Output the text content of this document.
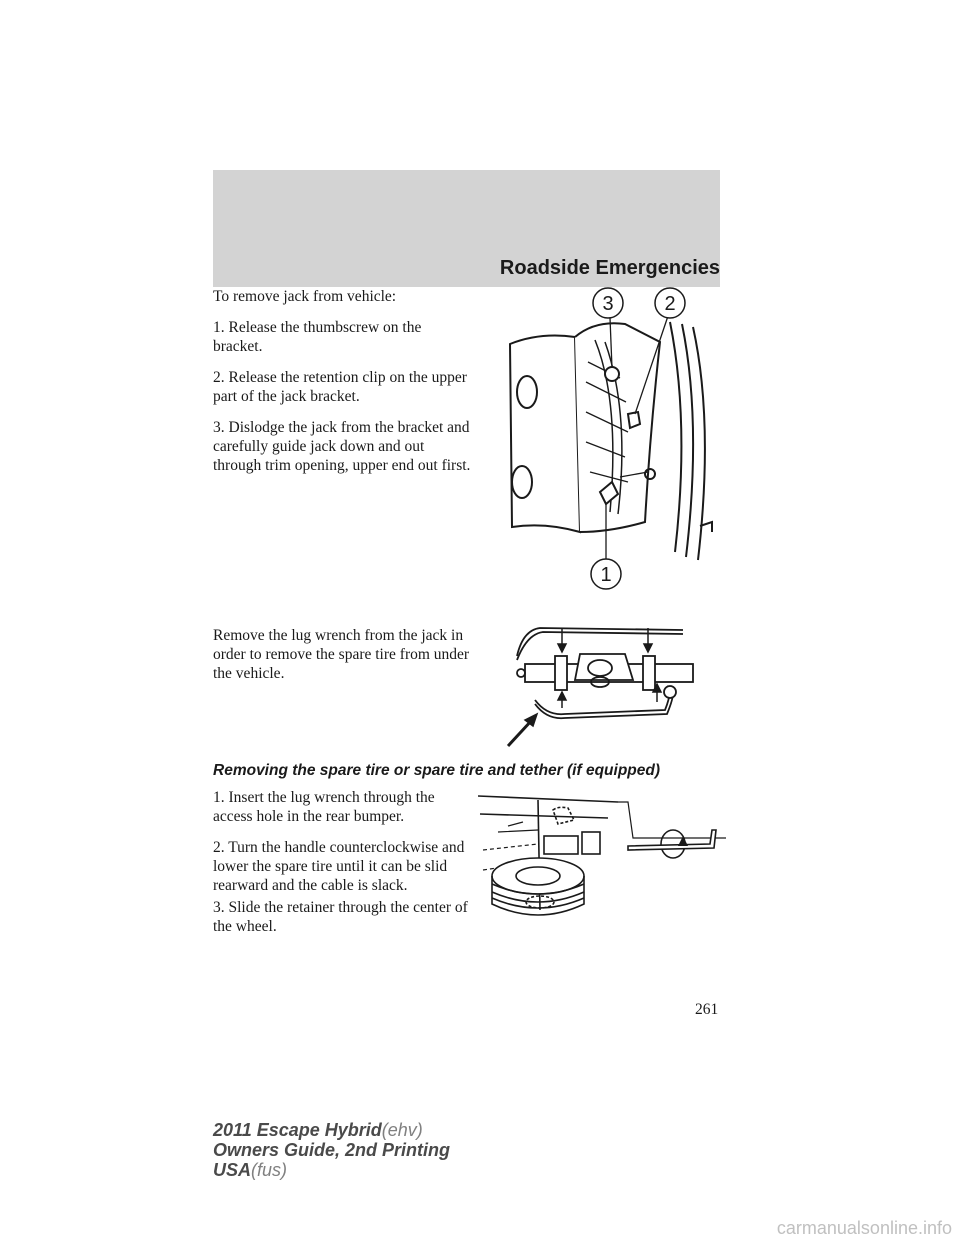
Roadside Emergencies

To remove jack from vehicle:

1. Release the thumbscrew on the bracket.

2. Release the retention clip on the upper part of the jack bracket.

3. Dislodge the jack from the bracket and carefully guide jack down and out through trim opening, upper end out first.

3	2
1

Remove the lug wrench from the jack in order to remove the spare tire from under the vehicle.

Removing the spare tire or spare tire and tether (if equipped)

1. Insert the lug wrench through the access hole in the rear bumper.

2. Turn the handle counterclockwise and lower the spare tire until it can be slid rearward and the cable is slack.

3. Slide the retainer through the center of the wheel.

261
2011 Escape Hybrid(ehv)
Owners Guide, 2nd Printing
USA(fus)
carmanualsonline.info
